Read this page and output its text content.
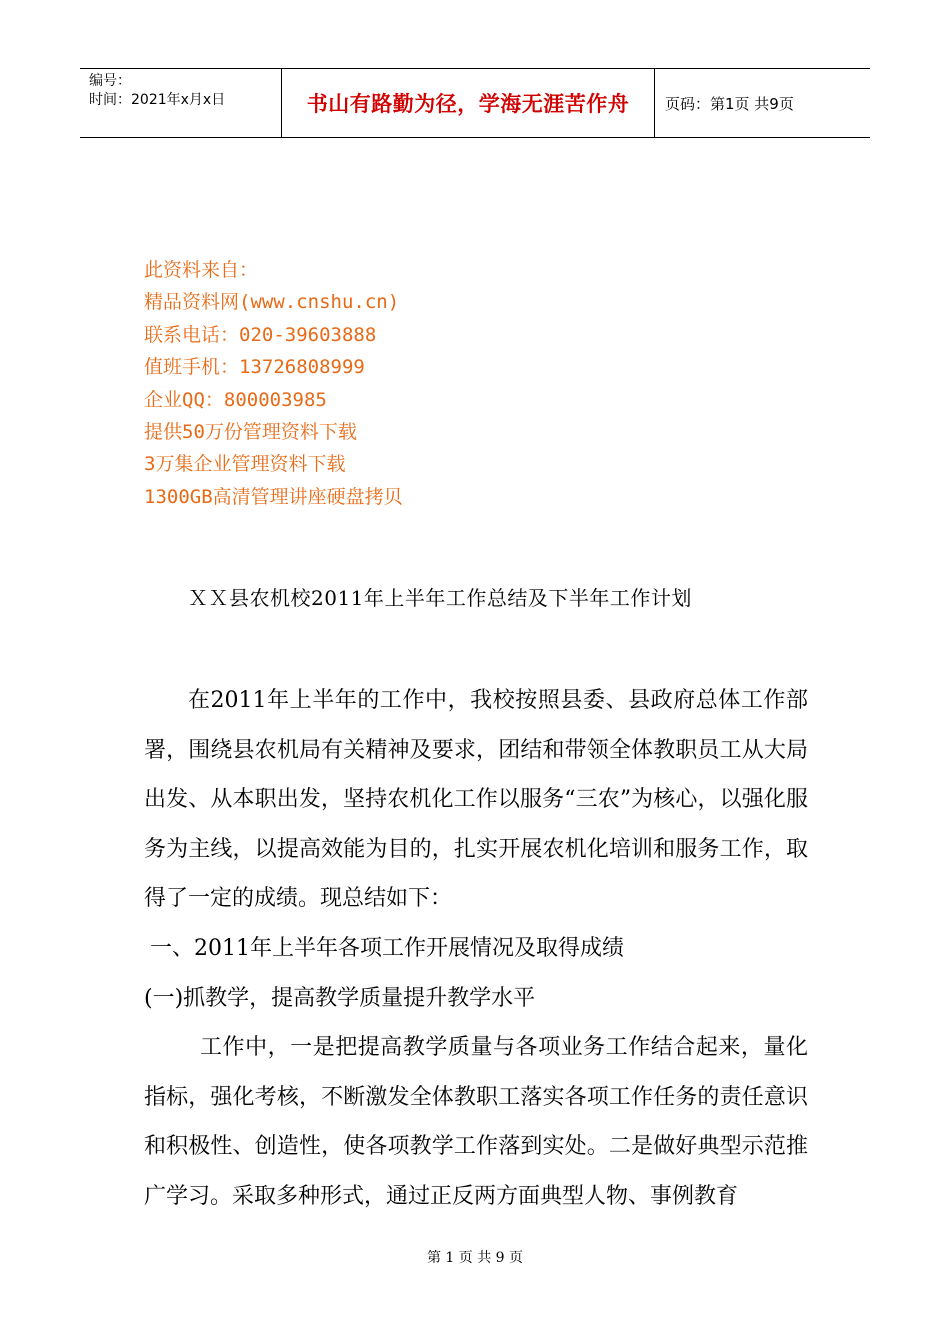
编号：
时间：2021年x月x日	书山有路勤为径，学海无涯苦作舟	页码：第1页 共9页
此资料来自：
精品资料网(www.cnshu.cn)
联系电话：020-39603888
值班手机：13726808999
企业QQ：800003985
提供50万份管理资料下载
3万集企业管理资料下载
1300GB高清管理讲座硬盘拷贝
ＸＸ县农机校2011年上半年工作总结及下半年工作计划
在2011年上半年的工作中，我校按照县委、县政府总体工作部署，围绕县农机局有关精神及要求，团结和带领全体教职员工从大局出发、从本职出发，坚持农机化工作以服务“三农”为核心，以强化服务为主线，以提高效能为目的，扎实开展农机化培训和服务工作，取得了一定的成绩。现总结如下：
一、2011年上半年各项工作开展情况及取得成绩
(一)抓教学，提高教学质量提升教学水平
工作中，一是把提高教学质量与各项业务工作结合起来，量化指标，强化考核，不断激发全体教职工落实各项工作任务的责任意识和积极性、创造性，使各项教学工作落到实处。二是做好典型示范推广学习。采取多种形式，通过正反两方面典型人物、事例教育
第 1 页 共 9 页
